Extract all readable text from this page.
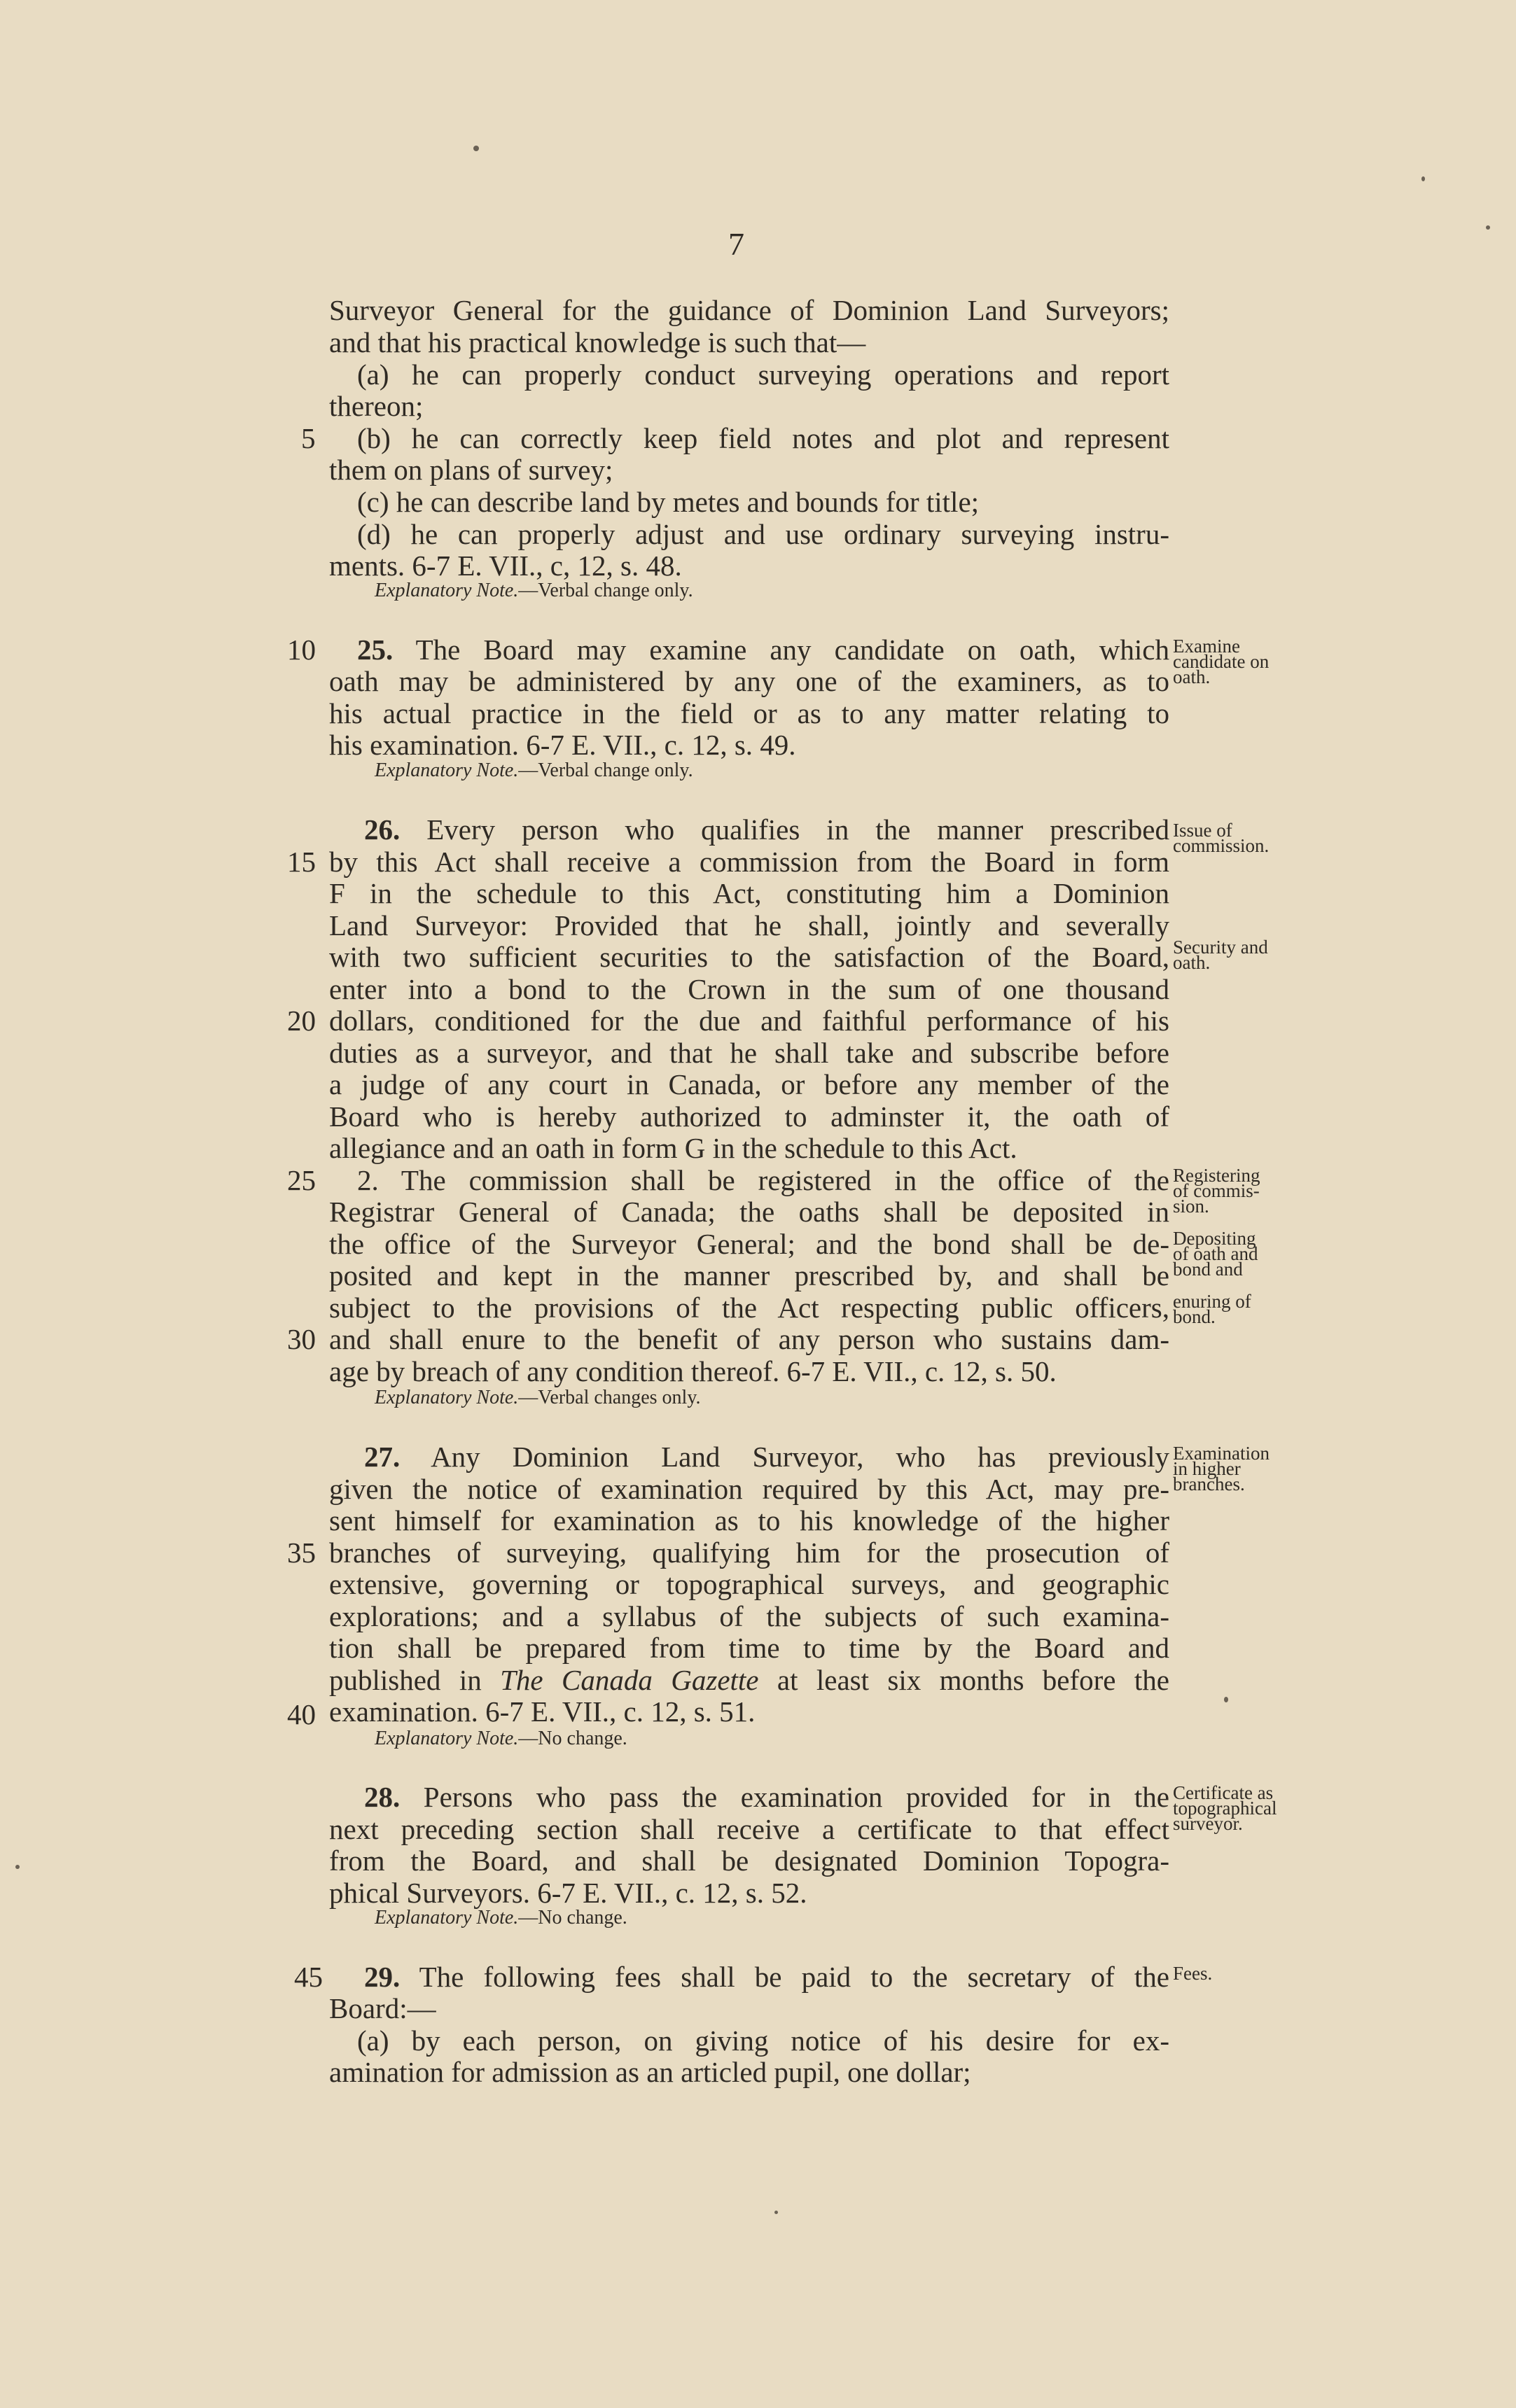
7
Surveyor General for the guidance of Dominion Land Surveyors;
and that his practical knowledge is such that—
(a) he can properly conduct surveying operations and report
thereon;
5	(b) he can correctly keep field notes and plot and represent
them on plans of survey;
(c) he can describe land by metes and bounds for title;
(d) he can properly adjust and use ordinary surveying instru-
ments. 6-7 E. VII., c, 12, s. 48.
Explanatory Note.—Verbal change only.
10	25. The Board may examine any candidate on oath, which Examine
candidate on
oath.
oath may be administered by any one of the examiners, as to
his actual practice in the field or as to any matter relating to
his examination. 6-7 E. VII., c. 12, s. 49.
Explanatory Note.—Verbal change only.
26. Every person who qualifies in the manner prescribed Issue of
commission.
15 by this Act shall receive a commission from the Board in form
F in the schedule to this Act, constituting him a Dominion
Land Surveyor: Provided that he shall, jointly and severally
with two sufficient securities to the satisfaction of the Board, Security and
oath.
enter into a bond to the Crown in the sum of one thousand
20 dollars, conditioned for the due and faithful performance of his
duties as a surveyor, and that he shall take and subscribe before
a judge of any court in Canada, or before any member of the
Board who is hereby authorized to adminster it, the oath of
allegiance and an oath in form G in the schedule to this Act.
25	2. The commission shall be registered in the office of the Registering
of commis-
sion.
Registrar General of Canada; the oaths shall be deposited in
the office of the Surveyor General; and the bond shall be de- Depositing
of oath and
bond and
posited and kept in the manner prescribed by, and shall be
subject to the provisions of the Act respecting public officers, enuring of
bond.
30 and shall enure to the benefit of any person who sustains dam-
age by breach of any condition thereof. 6-7 E. VII., c. 12, s. 50.
Explanatory Note.—Verbal changes only.
27. Any Dominion Land Surveyor, who has previously Examination
in higher
branches.
given the notice of examination required by this Act, may pre-
sent himself for examination as to his knowledge of the higher
35 branches of surveying, qualifying him for the prosecution of
extensive, governing or topographical surveys, and geographic
explorations; and a syllabus of the subjects of such examina-
tion shall be prepared from time to time by the Board and
published in The Canada Gazette at least six months before the
40 examination. 6-7 E. VII., c. 12, s. 51.
Explanatory Note.—No change.
28. Persons who pass the examination provided for in the Certificate as
topographical
surveyor.
next preceding section shall receive a certificate to that effect
from the Board, and shall be designated Dominion Topogra-
phical Surveyors. 6-7 E. VII., c. 12, s. 52.
Explanatory Note.—No change.
45	29. The following fees shall be paid to the secretary of the Fees.
Board:—
(a) by each person, on giving notice of his desire for ex-
amination for admission as an articled pupil, one dollar;
